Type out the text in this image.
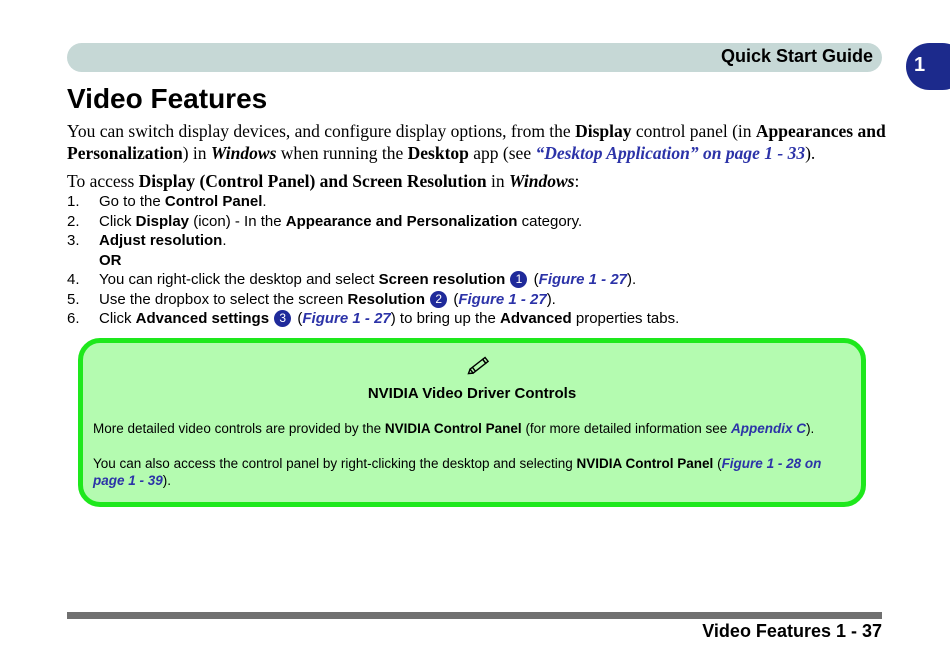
Quick Start Guide 1
Video Features

You can switch display devices, and configure display options, from the Display control panel (in Appearances and Personalization) in Windows when running the Desktop app (see “Desktop Application” on page 1 - 33).

To access Display (Control Panel) and Screen Resolution in Windows:

1. Go to the Control Panel.
2. Click Display (icon) - In the Appearance and Personalization category.
3. Adjust resolution.
OR
4. You can right-click the desktop and select Screen resolution 1 (Figure 1 - 27).
5. Use the dropbox to select the screen Resolution 2 (Figure 1 - 27).
6. Click Advanced settings 3 (Figure 1 - 27) to bring up the Advanced properties tabs.
NVIDIA Video Driver Controls

More detailed video controls are provided by the NVIDIA Control Panel (for more detailed information see Appendix C).

You can also access the control panel by right-clicking the desktop and selecting NVIDIA Control Panel (Figure 1 - 28 on page 1 - 39).

Video Features 1 - 37
